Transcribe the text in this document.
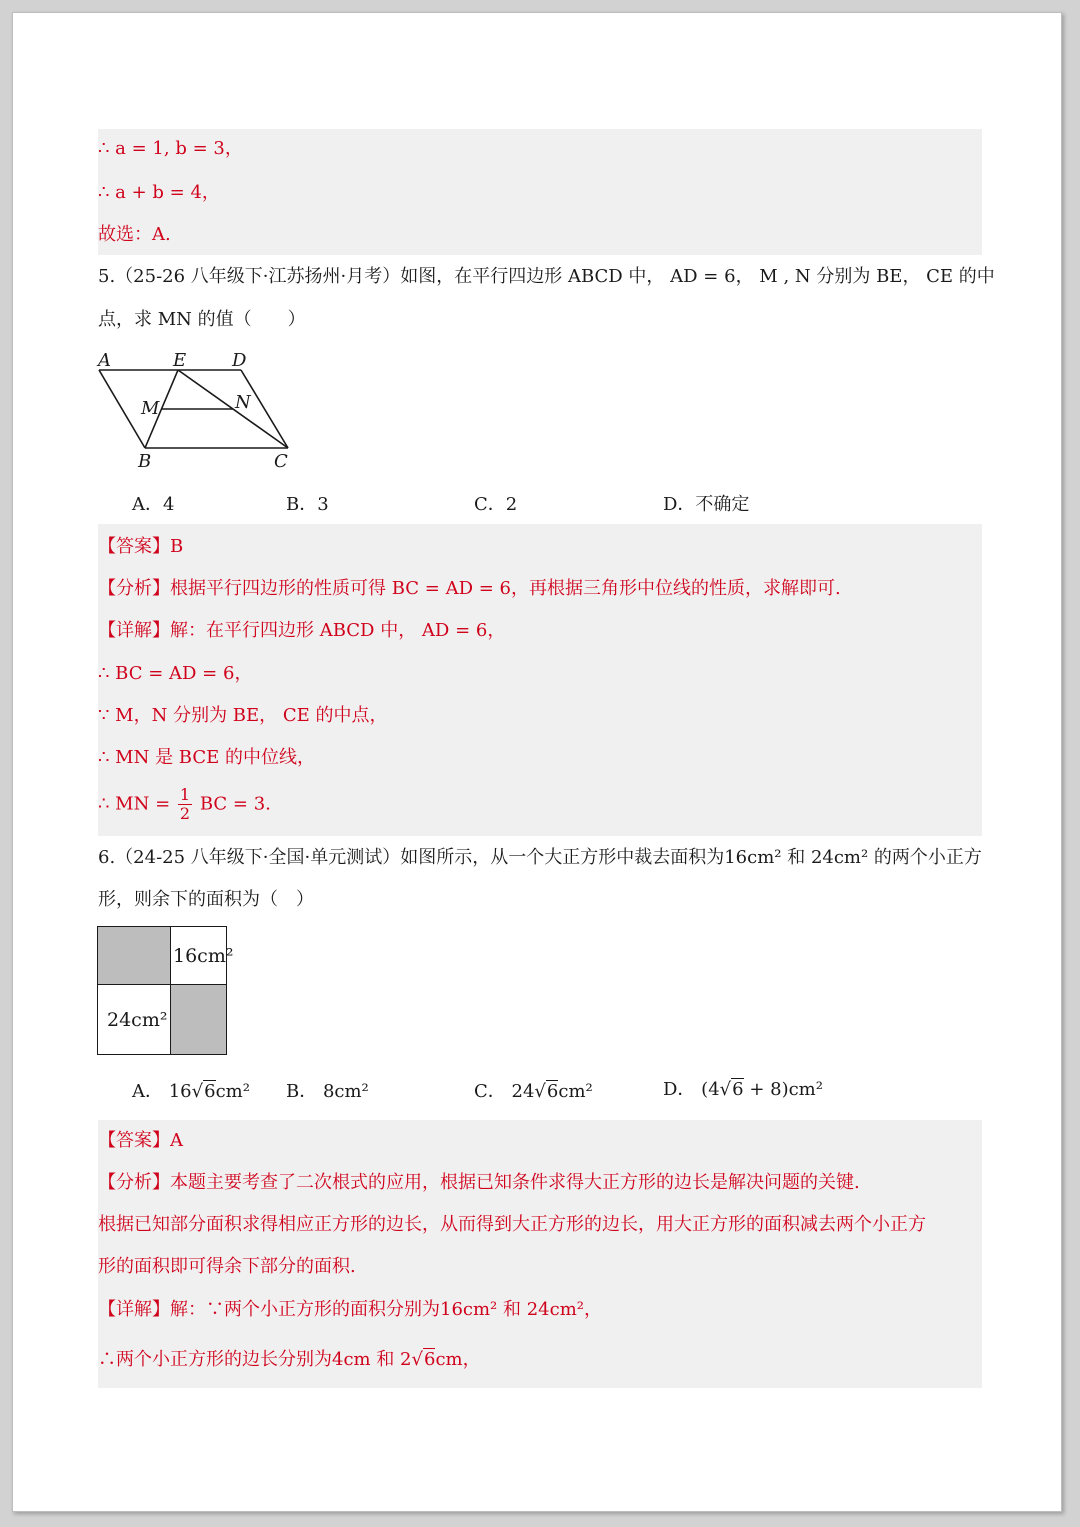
∴ a = 1, b = 3，
∴ a + b = 4，
故选：A.
5.（25-26 八年级下·江苏扬州·月考）如图，在平行四边形 ABCD 中， AD = 6， M , N 分别为 BE， CE 的中
点，求 MN 的值（　　）
A	E	D
M	N
B	C
A．4	B．3	C．2	D．不确定
【答案】B
【分析】根据平行四边形的性质可得 BC = AD = 6，再根据三角形中位线的性质，求解即可.
【详解】解：在平行四边形 ABCD 中， AD = 6，
∴ BC = AD = 6，
∵ M，N 分别为 BE， CE 的中点，
∴ MN 是 BCE 的中位线，
∴ MN = $\frac{1}{2}$ BC = 3.
6.（24-25 八年级下·全国·单元测试）如图所示，从一个大正方形中裁去面积为16cm² 和 24cm² 的两个小正方
形，则余下的面积为（　）
16cm²
24cm²
A． 16√6cm² B． 8cm²	C． 24√6cm²	D． (4√6 + 8)cm²
【答案】A
【分析】本题主要考查了二次根式的应用，根据已知条件求得大正方形的边长是解决问题的关键.
根据已知部分面积求得相应正方形的边长，从而得到大正方形的边长，用大正方形的面积减去两个小正方
形的面积即可得余下部分的面积.
【详解】解：∵两个小正方形的面积分别为16cm² 和 24cm²，
∴两个小正方形的边长分别为4cm 和 2√6cm，
